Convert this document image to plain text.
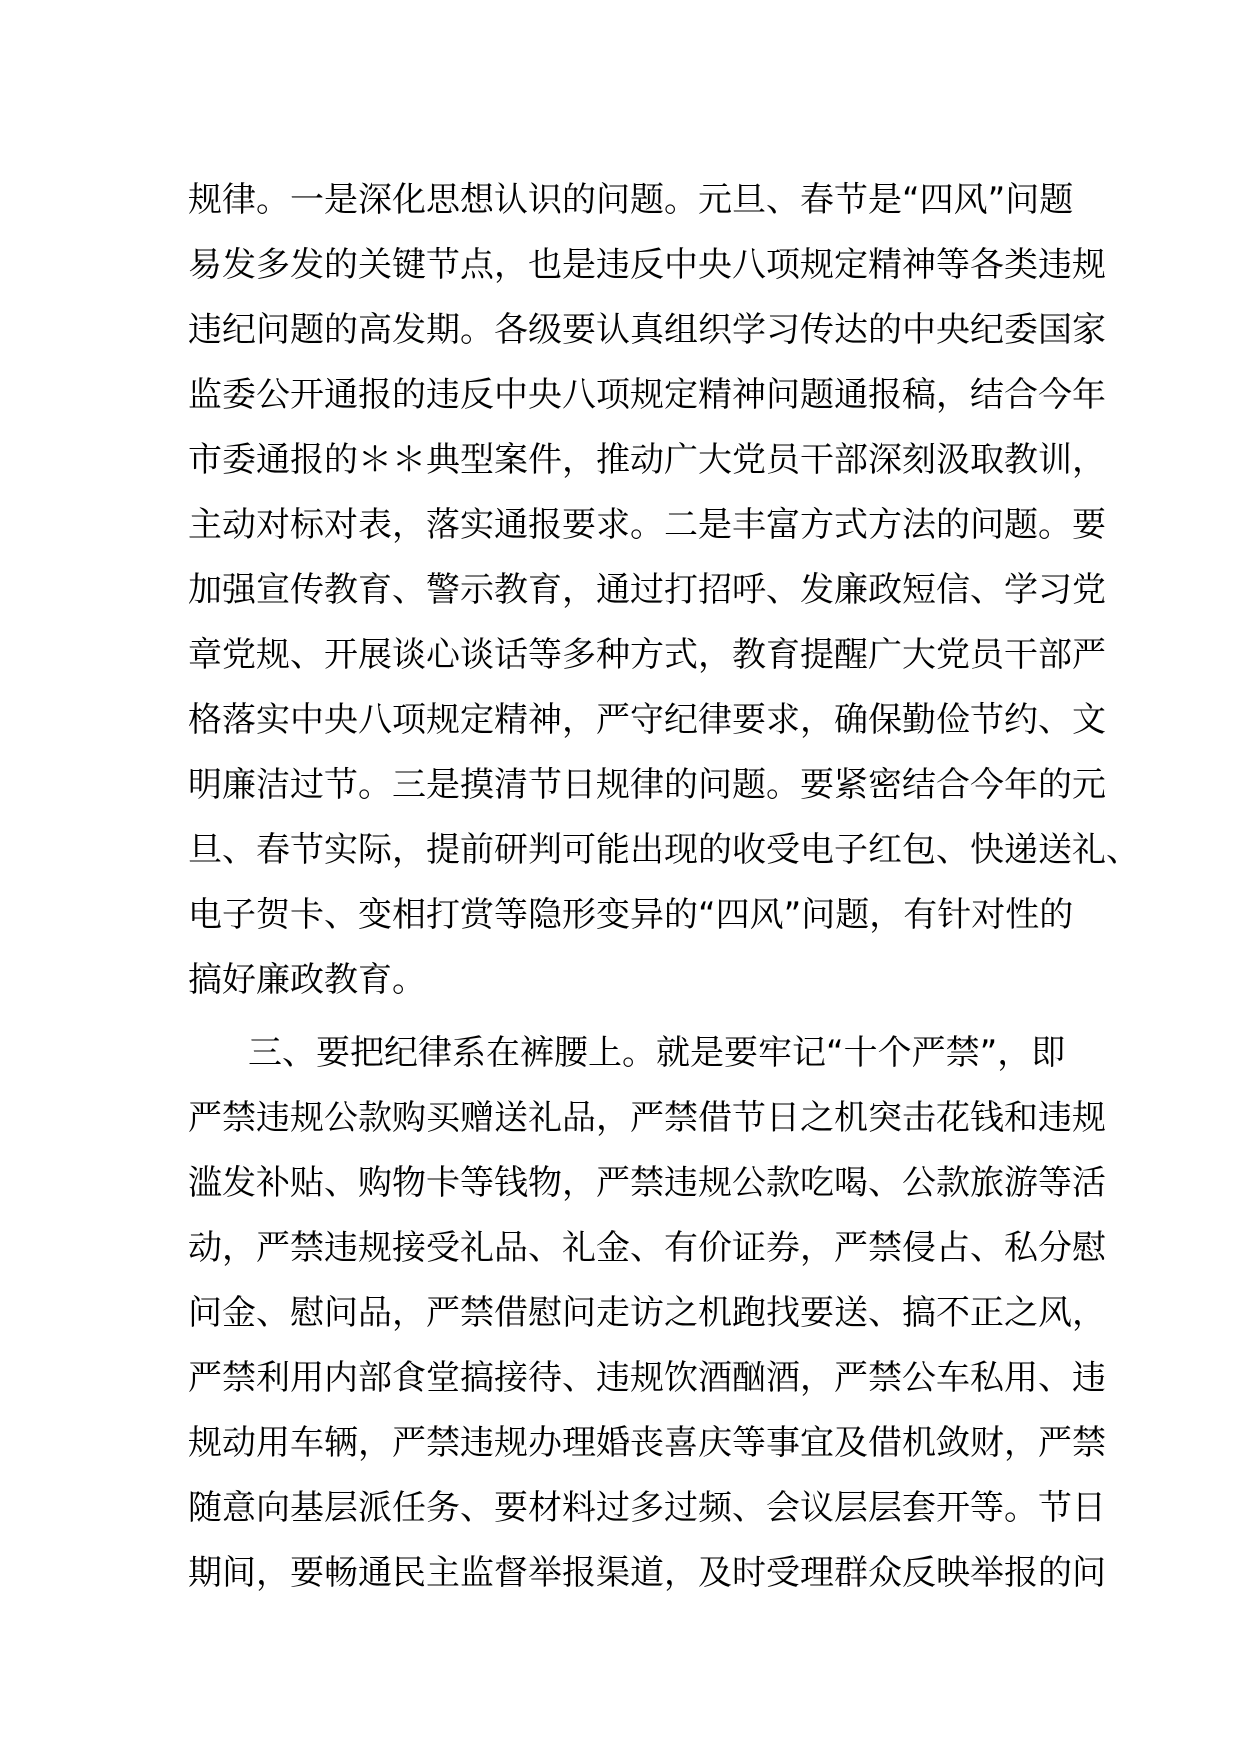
规律。一是深化思想认识的问题。元旦、春节是“四风”问题

易发多发的关键节点，也是违反中央八项规定精神等各类违规

违纪问题的高发期。各级要认真组织学习传达的中央纪委国家

监委公开通报的违反中央八项规定精神问题通报稿，结合今年

市委通报的＊＊典型案件，推动广大党员干部深刻汲取教训，

主动对标对表，落实通报要求。二是丰富方式方法的问题。要

加强宣传教育、警示教育，通过打招呼、发廉政短信、学习党

章党规、开展谈心谈话等多种方式，教育提醒广大党员干部严

格落实中央八项规定精神，严守纪律要求，确保勤俭节约、文

明廉洁过节。三是摸清节日规律的问题。要紧密结合今年的元

旦、春节实际，提前研判可能出现的收受电子红包、快递送礼、

电子贺卡、变相打赏等隐形变异的“四风”问题，有针对性的

搞好廉政教育。

三、要把纪律系在裤腰上。就是要牢记“十个严禁”，即

严禁违规公款购买赠送礼品，严禁借节日之机突击花钱和违规

滥发补贴、购物卡等钱物，严禁违规公款吃喝、公款旅游等活

动，严禁违规接受礼品、礼金、有价证券，严禁侵占、私分慰

问金、慰问品，严禁借慰问走访之机跑找要送、搞不正之风，

严禁利用内部食堂搞接待、违规饮酒酗酒，严禁公车私用、违

规动用车辆，严禁违规办理婚丧喜庆等事宜及借机敛财，严禁

随意向基层派任务、要材料过多过频、会议层层套开等。节日

期间，要畅通民主监督举报渠道，及时受理群众反映举报的问
